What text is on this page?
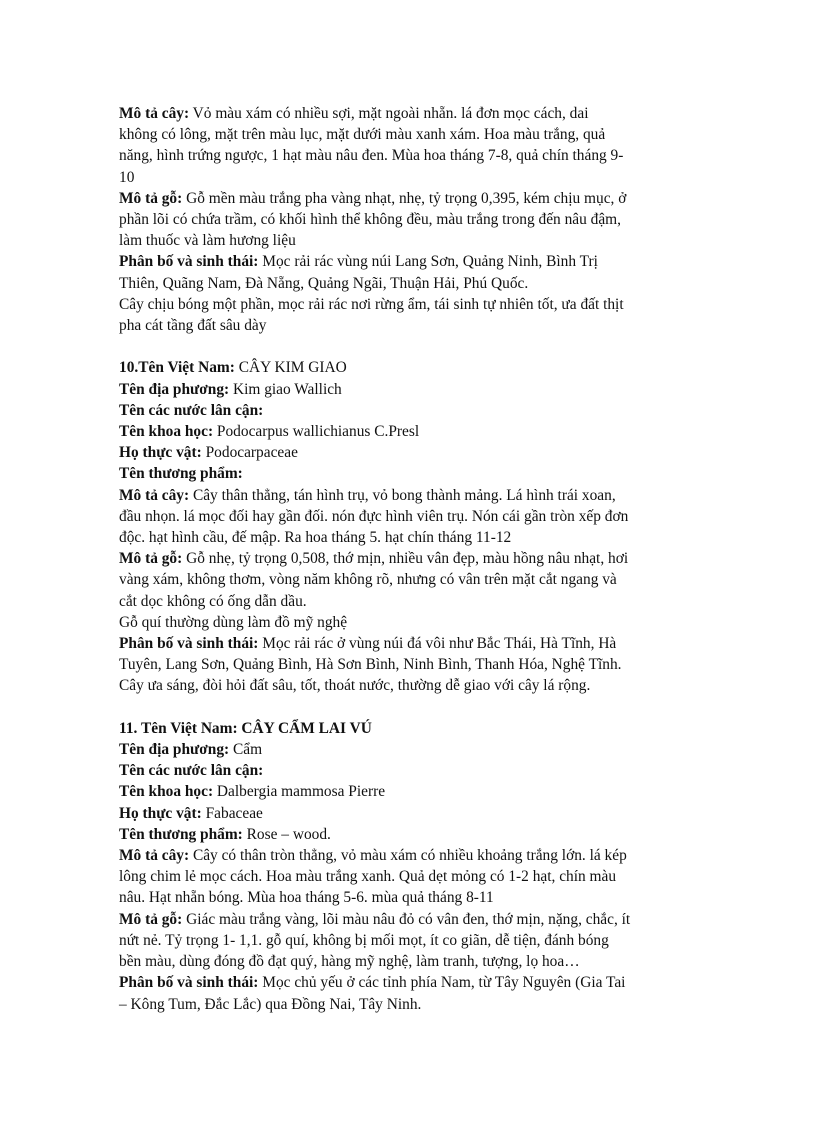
Mô tả cây: Vỏ màu xám có nhiều sợi, mặt ngoài nhẵn. lá đơn mọc cách, dai

không có lông, mặt trên màu lục, mặt dưới màu xanh xám. Hoa màu trắng, quả

năng, hình trứng ngược, 1 hạt màu nâu đen. Mùa hoa tháng 7-8, quả chín tháng 9-

10

Mô tả gỗ: Gỗ mền màu trắng pha vàng nhạt, nhẹ, tỷ trọng 0,395, kém chịu mục, ở

phần lõi có chứa trầm, có khối hình thể không đều, màu trắng trong đến nâu đậm,

làm thuốc và làm hương liệu

Phân bố và sinh thái: Mọc rải rác vùng núi Lang Sơn, Quảng Ninh, Bình Trị

Thiên, Quãng Nam, Đà Nẵng, Quảng Ngãi, Thuận Hải, Phú Quốc.

Cây chịu bóng một phần, mọc rải rác nơi rừng ẩm, tái sinh tự nhiên tốt, ưa đất thịt

pha cát tầng đất sâu dày

10.Tên Việt Nam: CÂY KIM GIAO

Tên địa phương: Kim giao Wallich

Tên các nước lân cận:

Tên khoa học: Podocarpus wallichianus C.Presl

Họ thực vật: Podocarpaceae

Tên thương phẩm:

Mô tả cây: Cây thân thẳng, tán hình trụ, vỏ bong thành mảng. Lá hình trái xoan,

đầu nhọn. lá mọc đối hay gần đối. nón đực hình viên trụ. Nón cái gần tròn xếp đơn

độc. hạt hình cầu, đế mập. Ra hoa tháng 5. hạt chín tháng 11-12

Mô tả gỗ: Gỗ nhẹ, tỷ trọng 0,508, thớ mịn, nhiều vân đẹp, màu hồng nâu nhạt, hơi

vàng xám, không thơm, vòng năm không rõ, nhưng có vân trên mặt cắt ngang và

cắt dọc không có ống dẫn dầu.

Gỗ quí thường dùng làm đồ mỹ nghệ

Phân bố và sinh thái: Mọc rải rác ở vùng núi đá vôi như Bắc Thái, Hà Tĩnh, Hà

Tuyên, Lang Sơn, Quảng Bình, Hà Sơn Bình, Ninh Bình, Thanh Hóa, Nghệ Tĩnh.

Cây ưa sáng, đòi hỏi đất sâu, tốt, thoát nước, thường dễ giao với cây lá rộng.

11. Tên Việt Nam: CÂY CẨM LAI VÚ

Tên địa phương: Cẩm

Tên các nước lân cận:

Tên khoa học: Dalbergia mammosa Pierre

Họ thực vật: Fabaceae

Tên thương phẩm: Rose – wood.

Mô tả cây: Cây có thân tròn thẳng, vỏ màu xám có nhiều khoảng trắng lớn. lá kép

lông chim lẻ mọc cách. Hoa màu trắng xanh. Quả dẹt mỏng có 1-2 hạt, chín màu

nâu. Hạt nhẵn bóng. Mùa hoa tháng 5-6. mùa quả tháng 8-11

Mô tả gỗ: Giác màu trắng vàng, lõi màu nâu đỏ có vân đen, thớ mịn, nặng, chắc, ít

nứt nẻ. Tỷ trọng 1- 1,1. gỗ quí, không bị mối mọt, ít co giãn, dễ tiện, đánh bóng

bền màu, dùng đóng đồ đạt quý, hàng mỹ nghệ, làm tranh, tượng, lọ hoa…

Phân bố và sinh thái: Mọc chủ yếu ở các tỉnh phía Nam, từ Tây Nguyên (Gia Tai

– Kông Tum, Đắc Lắc) qua Đồng Nai, Tây Ninh.
